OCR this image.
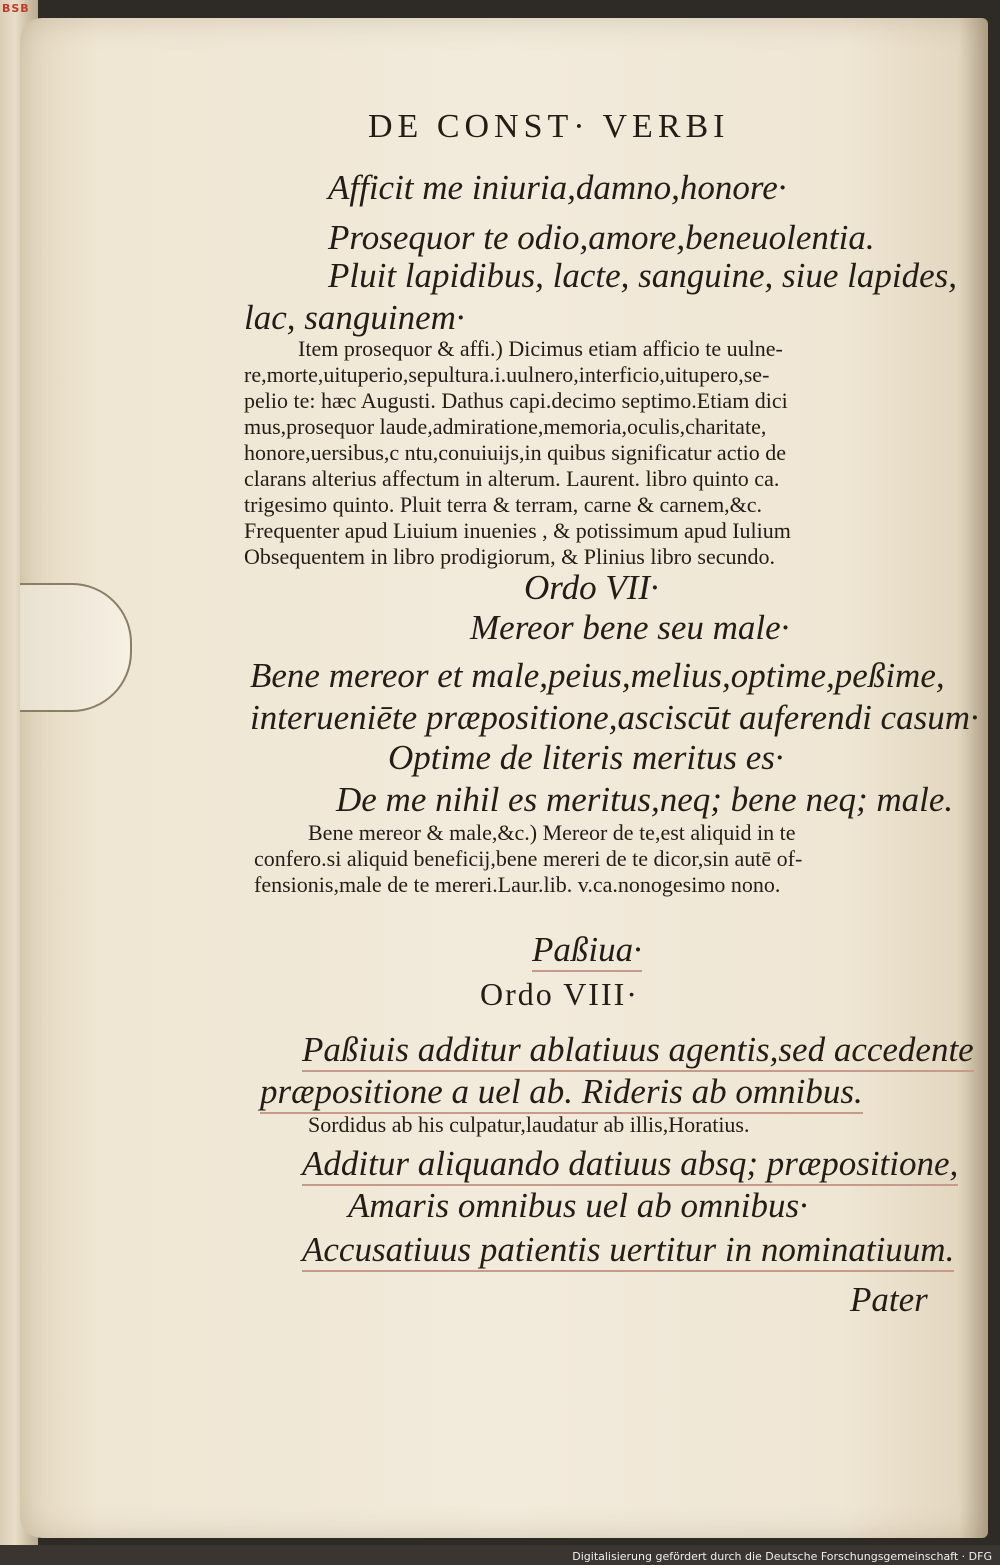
BSB
DE CONST· VERBI
Afficit me iniuria,damno,honore·
Prosequor te odio,amore,beneuolentia.
Pluit lapidibus, lacte, sanguine, siue lapides,
lac, sanguinem·
Item prosequor & affi.) Dicimus etiam afficio te uulne-
re,morte,uituperio,sepultura.i.uulnero,interficio,uitupero,se-
pelio te: hæc Augusti. Dathus capi.decimo septimo.Etiam dici
mus,prosequor laude,admiratione,memoria,oculis,charitate,
honore,uersibus,c ntu,conuiuijs,in quibus significatur actio de
clarans alterius affectum in alterum. Laurent. libro quinto ca.
trigesimo quinto. Pluit terra & terram, carne & carnem,&c.
Frequenter apud Liuium inuenies , & potissimum apud Iulium
Obsequentem in libro prodigiorum, & Plinius libro secundo.
Ordo VII·
Mereor bene seu male·
Bene mereor et male,peius,melius,optime,peßime,
interueniēte præpositione,asciscūt auferendi casum·
Optime de literis meritus es·
De me nihil es meritus,neq; bene neq; male.
Bene mereor & male,&c.) Mereor de te,est aliquid in te
confero.si aliquid beneficij,bene mereri de te dicor,sin autē of-
fensionis,male de te mereri.Laur.lib. v.ca.nonogesimo nono.
Paßiua·
Ordo VIII·
Paßiuis additur ablatiuus agentis,sed accedente
præpositione a uel ab. Rideris ab omnibus.
Sordidus ab his culpatur,laudatur ab illis,Horatius.
Additur aliquando datiuus absq; præpositione,
Amaris omnibus uel ab omnibus·
Accusatiuus patientis uertitur in nominatiuum.
Pater
Digitalisierung gefördert durch die Deutsche Forschungsgemeinschaft · DFG
